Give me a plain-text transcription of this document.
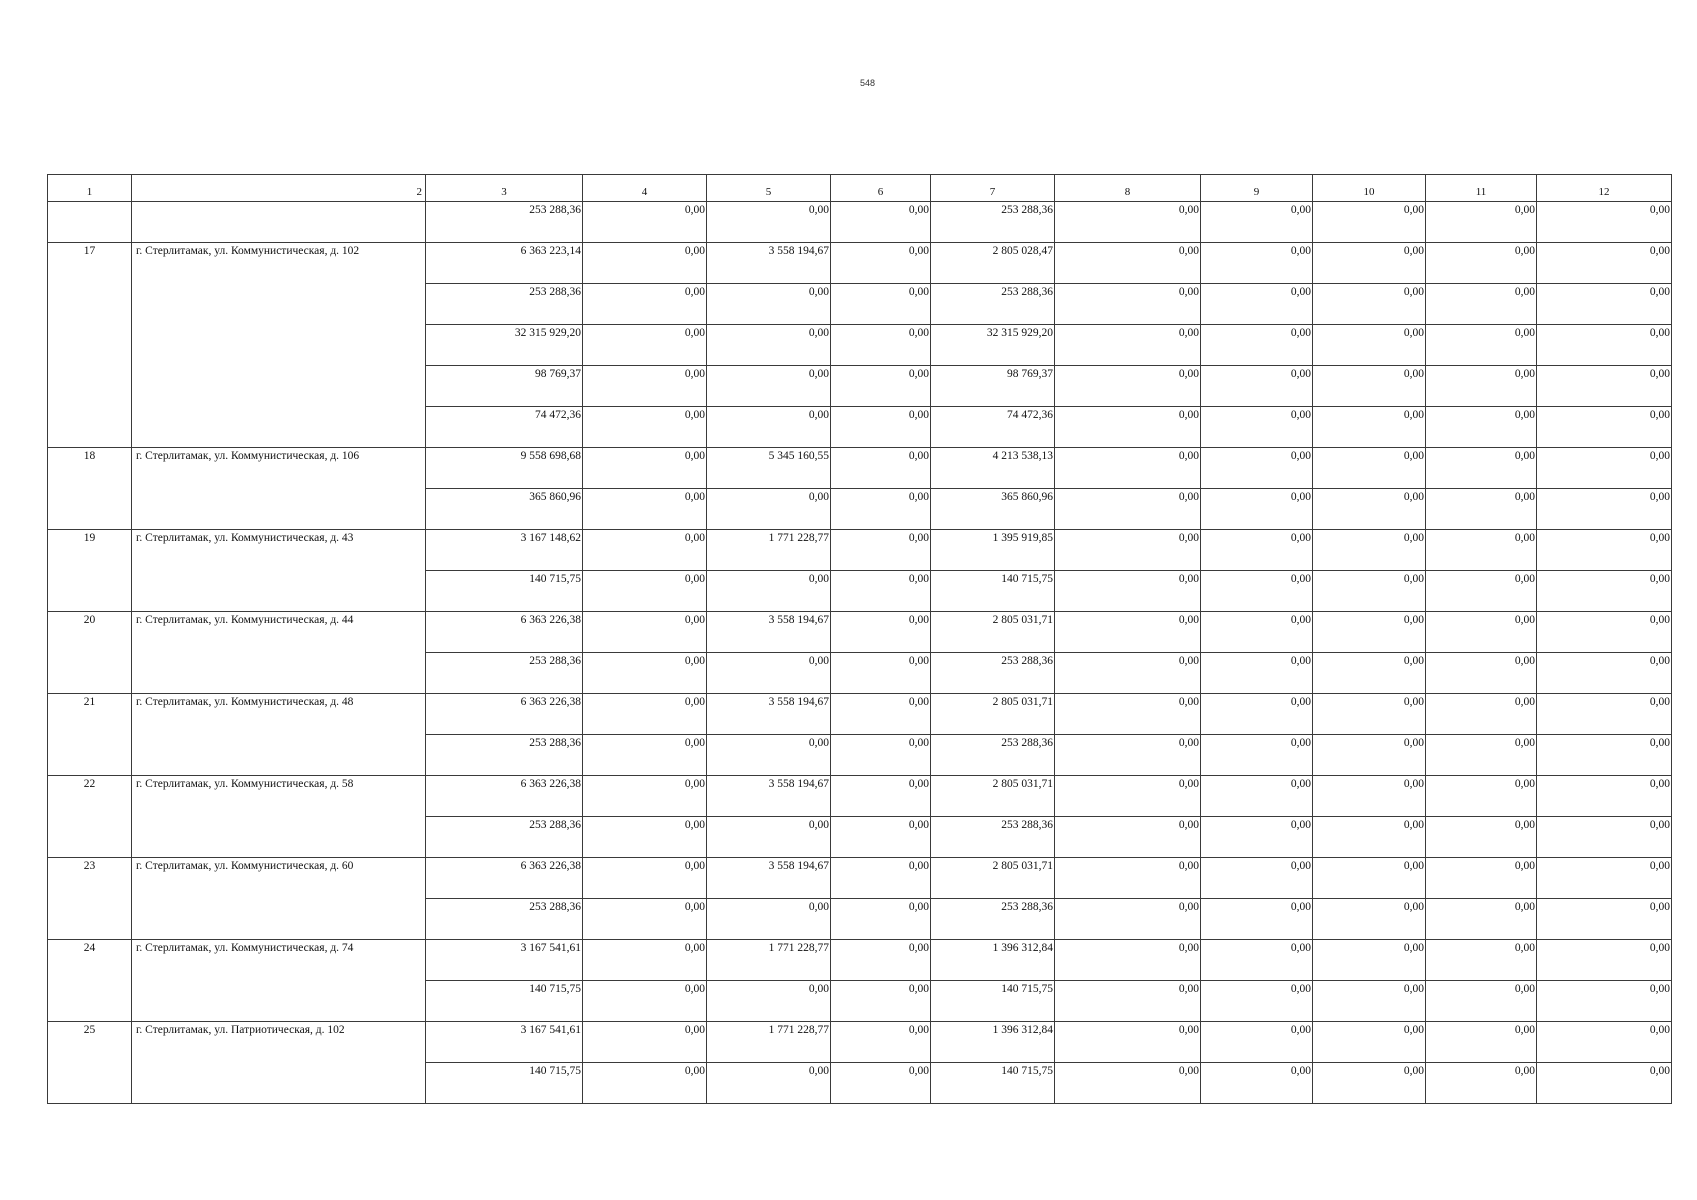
548
1	2	3	4	5	6	7	8	9	10	11	12
		253 288,36	0,00	0,00	0,00	253 288,36	0,00	0,00	0,00	0,00	0,00
17	г. Стерлитамак, ул. Коммунистическая, д. 102	6 363 223,14	0,00	3 558 194,67	0,00	2 805 028,47	0,00	0,00	0,00	0,00	0,00
		253 288,36	0,00	0,00	0,00	253 288,36	0,00	0,00	0,00	0,00	0,00
		32 315 929,20	0,00	0,00	0,00	32 315 929,20	0,00	0,00	0,00	0,00	0,00
		98 769,37	0,00	0,00	0,00	98 769,37	0,00	0,00	0,00	0,00	0,00
		74 472,36	0,00	0,00	0,00	74 472,36	0,00	0,00	0,00	0,00	0,00
18	г. Стерлитамак, ул. Коммунистическая, д. 106	9 558 698,68	0,00	5 345 160,55	0,00	4 213 538,13	0,00	0,00	0,00	0,00	0,00
		365 860,96	0,00	0,00	0,00	365 860,96	0,00	0,00	0,00	0,00	0,00
19	г. Стерлитамак, ул. Коммунистическая, д. 43	3 167 148,62	0,00	1 771 228,77	0,00	1 395 919,85	0,00	0,00	0,00	0,00	0,00
		140 715,75	0,00	0,00	0,00	140 715,75	0,00	0,00	0,00	0,00	0,00
20	г. Стерлитамак, ул. Коммунистическая, д. 44	6 363 226,38	0,00	3 558 194,67	0,00	2 805 031,71	0,00	0,00	0,00	0,00	0,00
		253 288,36	0,00	0,00	0,00	253 288,36	0,00	0,00	0,00	0,00	0,00
21	г. Стерлитамак, ул. Коммунистическая, д. 48	6 363 226,38	0,00	3 558 194,67	0,00	2 805 031,71	0,00	0,00	0,00	0,00	0,00
		253 288,36	0,00	0,00	0,00	253 288,36	0,00	0,00	0,00	0,00	0,00
22	г. Стерлитамак, ул. Коммунистическая, д. 58	6 363 226,38	0,00	3 558 194,67	0,00	2 805 031,71	0,00	0,00	0,00	0,00	0,00
		253 288,36	0,00	0,00	0,00	253 288,36	0,00	0,00	0,00	0,00	0,00
23	г. Стерлитамак, ул. Коммунистическая, д. 60	6 363 226,38	0,00	3 558 194,67	0,00	2 805 031,71	0,00	0,00	0,00	0,00	0,00
		253 288,36	0,00	0,00	0,00	253 288,36	0,00	0,00	0,00	0,00	0,00
24	г. Стерлитамак, ул. Коммунистическая, д. 74	3 167 541,61	0,00	1 771 228,77	0,00	1 396 312,84	0,00	0,00	0,00	0,00	0,00
		140 715,75	0,00	0,00	0,00	140 715,75	0,00	0,00	0,00	0,00	0,00
25	г. Стерлитамак, ул. Патриотическая, д. 102	3 167 541,61	0,00	1 771 228,77	0,00	1 396 312,84	0,00	0,00	0,00	0,00	0,00
		140 715,75	0,00	0,00	0,00	140 715,75	0,00	0,00	0,00	0,00	0,00
